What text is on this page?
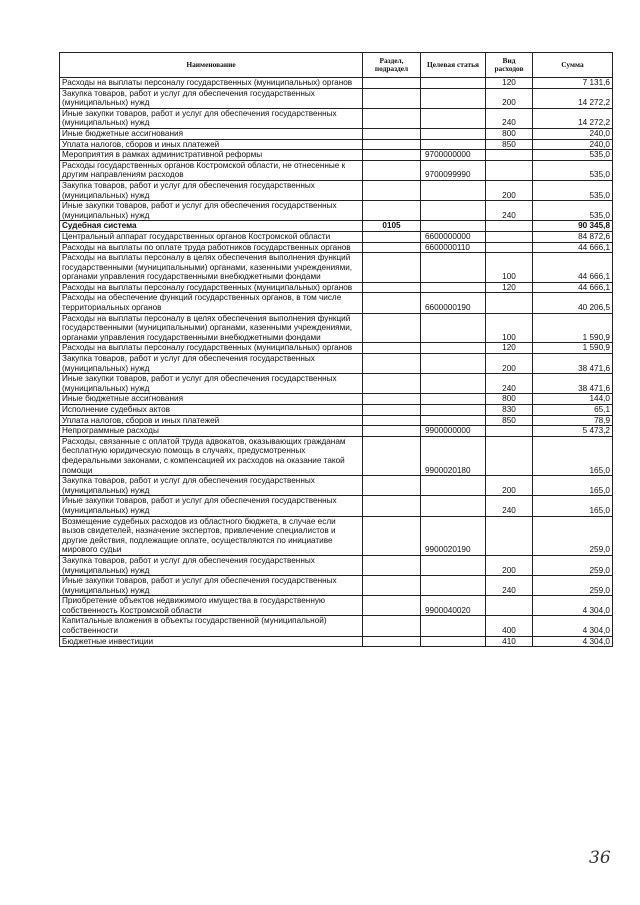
Наименование	Раздел, подраздел	Целевая статья	Вид расходов	Сумма
Расходы на выплаты персоналу государственных (муниципальных) органов			120	7 131,6
Закупка товаров, работ и услуг для обеспечения государственных (муниципальных) нужд			200	14 272,2
Иные закупки товаров, работ и услуг для обеспечения государственных (муниципальных) нужд			240	14 272,2
Иные бюджетные ассигнования			800	240,0
Уплата налогов, сборов и иных платежей			850	240,0
Мероприятия в рамках административной реформы		9700000000		535,0
Расходы государственных органов Костромской области, не отнесенные к другим направлениям расходов		9700099990		535,0
Закупка товаров, работ и услуг для обеспечения государственных (муниципальных) нужд			200	535,0
Иные закупки товаров, работ и услуг для обеспечения государственных (муниципальных) нужд			240	535,0
Судебная система	0105			90 345,8
Центральный аппарат государственных органов Костромской области		6600000000		84 872,6
Расходы на выплаты по оплате труда работников государственных органов		6600000110		44 666,1
Расходы на выплаты персоналу в целях обеспечения выполнения функций государственными (муниципальными) органами, казенными учреждениями, органами управления государственными внебюджетными фондами			100	44 666,1
Расходы на выплаты персоналу государственных (муниципальных) органов			120	44 666,1
Расходы на обеспечение функций государственных органов, в том числе территориальных органов		6600000190		40 206,5
Расходы на выплаты персоналу в целях обеспечения выполнения функций государственными (муниципальными) органами, казенными учреждениями, органами управления государственными внебюджетными фондами			100	1 590,9
Расходы на выплаты персоналу государственных (муниципальных) органов			120	1 590,9
Закупка товаров, работ и услуг для обеспечения государственных (муниципальных) нужд			200	38 471,6
Иные закупки товаров, работ и услуг для обеспечения государственных (муниципальных) нужд			240	38 471,6
Иные бюджетные ассигнования			800	144,0
Исполнение судебных актов			830	65,1
Уплата налогов, сборов и иных платежей			850	78,9
Непрограммные расходы		9900000000		5 473,2
Расходы, связанные с оплатой труда адвокатов, оказывающих гражданам бесплатную юридическую помощь в случаях, предусмотренных федеральными законами, с компенсацией их расходов на оказание такой помощи		9900020180		165,0
Закупка товаров, работ и услуг для обеспечения государственных (муниципальных) нужд			200	165,0
Иные закупки товаров, работ и услуг для обеспечения государственных (муниципальных) нужд			240	165,0
Возмещение судебных расходов из областного бюджета, в случае если вызов свидетелей, назначение экспертов, привлечение специалистов и другие действия, подлежащие оплате, осуществляются по инициативе мирового судьи		9900020190		259,0
Закупка товаров, работ и услуг для обеспечения государственных (муниципальных) нужд			200	259,0
Иные закупки товаров, работ и услуг для обеспечения государственных (муниципальных) нужд			240	259,0
Приобретение объектов недвижимого имущества в государственную собственность Костромской области		9900040020		4 304,0
Капитальные вложения в объекты государственной (муниципальной) собственности			400	4 304,0
Бюджетные инвестиции			410	4 304,0
36
